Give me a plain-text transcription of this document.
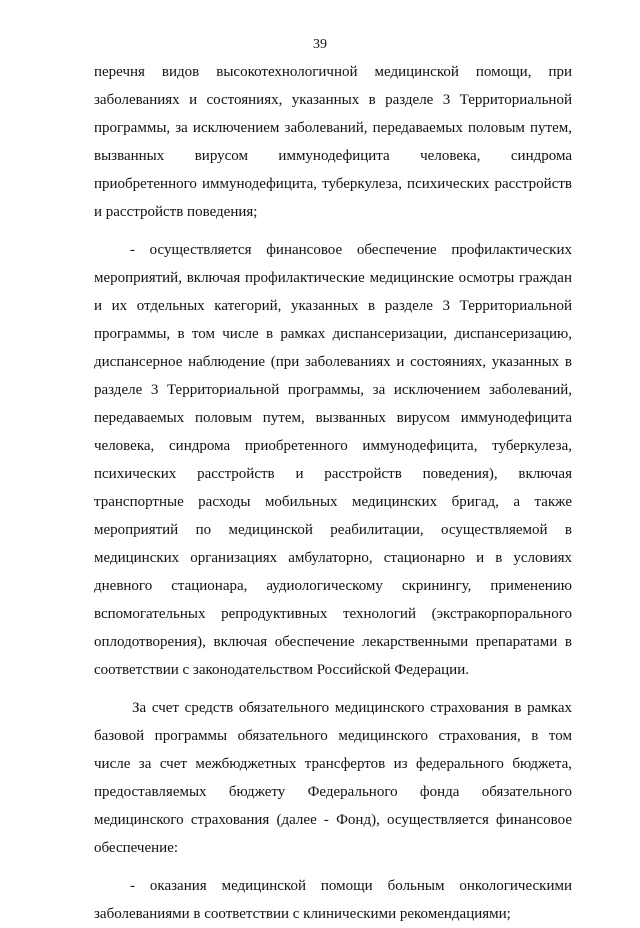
39
перечня видов высокотехнологичной медицинской помощи, при
заболеваниях и состояниях, указанных в разделе 3 Территориальной
программы, за исключением заболеваний, передаваемых половым путем,
вызванных вирусом иммунодефицита человека, синдрома
приобретенного иммунодефицита, туберкулеза, психических расстройств
и расстройств поведения;
- осуществляется финансовое обеспечение профилактических
мероприятий, включая профилактические медицинские осмотры граждан
и их отдельных категорий, указанных в разделе 3 Территориальной
программы, в том числе в рамках диспансеризации, диспансеризацию,
диспансерное наблюдение (при заболеваниях и состояниях, указанных в
разделе 3 Территориальной программы, за исключением заболеваний,
передаваемых половым путем, вызванных вирусом иммунодефицита
человека, синдрома приобретенного иммунодефицита, туберкулеза,
психических расстройств и расстройств поведения), включая
транспортные расходы мобильных медицинских бригад, а также
мероприятий по медицинской реабилитации, осуществляемой в
медицинских организациях амбулаторно, стационарно и в условиях
дневного стационара, аудиологическому скринингу, применению
вспомогательных репродуктивных технологий (экстракорпорального
оплодотворения), включая обеспечение лекарственными препаратами в
соответствии с законодательством Российской Федерации.
За счет средств обязательного медицинского страхования в рамках
базовой программы обязательного медицинского страхования, в том
числе за счет межбюджетных трансфертов из федерального бюджета,
предоставляемых бюджету Федерального фонда обязательного
медицинского страхования (далее - Фонд), осуществляется финансовое
обеспечение:
- оказания медицинской помощи больным онкологическими
заболеваниями в соответствии с клиническими рекомендациями;
